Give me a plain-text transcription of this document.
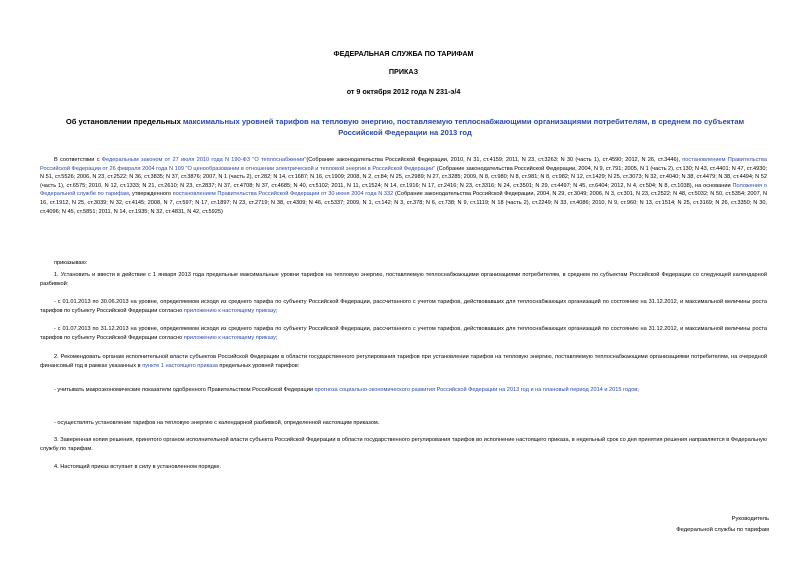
ФЕДЕРАЛЬНАЯ СЛУЖБА ПО ТАРИФАМ
ПРИКАЗ
от 9 октября 2012 года N 231-э/4
Об установлении предельных максимальных уровней тарифов на тепловую энергию, поставляемую теплоснабжающими организациями потребителям, в среднем по субъектам Российской Федерации на 2013 год
В соответствии с Федеральным законом от 27 июля 2010 года N 190-ФЗ "О теплоснабжении"(Собрание законодательства Российской Федерации, 2010, N 31, ст.4159; 2011, N 23, ст.3263; N 30 (часть 1), ст.4590; 2012, N 26, ст.3446), постановлением Правительства Российской Федерации от 26 февраля 2004 года N 109 "О ценообразовании в отношении электрической и тепловой энергии в Российской Федерации" (Собрание законодательства Российской Федерации, 2004, N 9, ст.791; 2005, N 1 (часть 2), ст.130; N 43, ст.4401; N 47, ст.4930; N 51, ст.5526; 2006, N 23, ст.2522; N 36, ст.3835; N 37, ст.3876; 2007, N 1 (часть 2), ст.282; N 14, ст.1687; N 16, ст.1909; 2008, N 2, ст.84; N 25, ст.2989; N 27, ст.3285; 2009, N 8, ст.980; N 8, ст.981; N 8, ст.982; N 12, ст.1429; N 25, ст.3073; N 32, ст.4040; N 38, ст.4479; N 38, ст.4494; N 52 (часть 1), ст.6575; 2010, N 12, ст.1333; N 21, ст.2610; N 23, ст.2837; N 37, ст.4708; N 37, ст.4685; N 40, ст.5102; 2011, N 11, ст.1524; N 14, ст.1916; N 17, ст.2416; N 23, ст.3316; N 24, ст.3501; N 29, ст.4497; N 45, ст.6404; 2012, N 4, ст.504; N 8, ст.1038), на основании Положения о Федеральной службе по тарифам, утвержденного постановлением Правительства Российской Федерации от 30 июня 2004 года N 332 (Собрание законодательства Российской Федерации, 2004, N 29, ст.3049; 2006, N 3, ст.301, N 23, ст.2522; N 48, ст.5032; N 50, ст.5354; 2007, N 16, ст.1912, N 25, ст.3039; N 32, ст.4145; 2008, N 7, ст.597; N 17, ст.1897; N 23, ст.2719; N 38, ст.4309; N 46, ст.5337; 2009, N 1, ст.142; N 3, ст.378; N 6, ст.738; N 9, ст.1119; N 18 (часть 2), ст.2249; N 33, ст.4086; 2010, N 9, ст.960; N 13, ст.1514; N 25, ст.3169; N 26, ст.3350; N 30, ст.4096; N 45, ст.5851; 2011, N 14, ст.1935; N 32, ст.4831, N 42, ст.5925)
приказываю:
1. Установить и ввести в действие с 1 января 2013 года предельные максимальные уровни тарифов на тепловую энергию, поставляемую теплоснабжающими организациями потребителям, в среднем по субъектам Российской Федерации со следующей календарной разбивкой:
- с 01.01.2013 по 30.06.2013 на уровне, определяемом исходя из среднего тарифа по субъекту Российской Федерации, рассчитанного с учетом тарифов, действовавших для теплоснабжающих организаций по состоянию на 31.12.2012, и максимальной величины роста тарифов по субъекту Российской Федерации согласно приложению к настоящему приказу;
- с 01.07.2013 по 31.12.2013 на уровне, определяемом исходя из среднего тарифа по субъекту Российской Федерации, рассчитанного с учетом тарифов, действовавших для теплоснабжающих организаций по состоянию на 31.12.2012, и максимальной величины роста тарифов по субъекту Российской Федерации согласно приложению к настоящему приказу;
2. Рекомендовать органам исполнительной власти субъектов Российской Федерации в области государственного регулирования тарифов при установлении тарифов на тепловую энергию, поставляемую теплоснабжающими организациями потребителям, на очередной финансовый год в рамках указанных в пункте 1 настоящего приказа предельных уровней тарифов:
- учитывать макроэкономические показатели одобренного Правительством Российской Федерации прогноза социально-экономического развития Российской Федерации на 2013 год и на плановый период 2014 и 2015 годов;
- осуществлять установление тарифов на тепловую энергию с календарной разбивкой, определенной настоящим приказом.
3. Заверенная копия решения, принятого органом исполнительной власти субъекта Российской Федерации в области государственного регулирования тарифов во исполнение настоящего приказа, в недельный срок со дня принятия решения направляется в Федеральную службу по тарифам.
4. Настоящий приказ вступает в силу в установленном порядке.
Руководитель
Федеральной службы по тарифам
